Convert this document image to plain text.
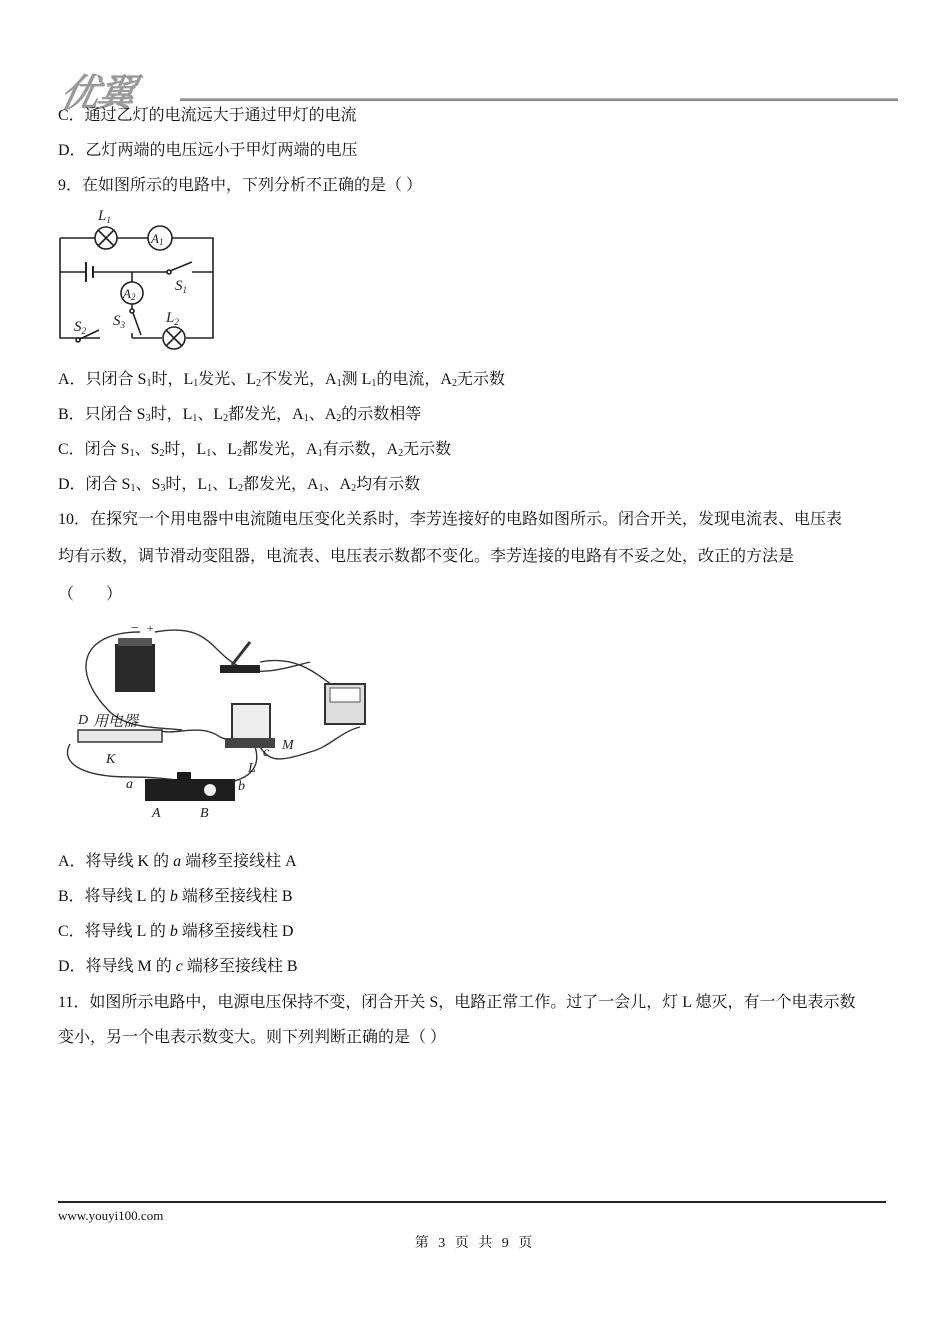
优翼
C．通过乙灯的电流远大于通过甲灯的电流
D．乙灯两端的电压远小于甲灯两端的电压
9．在如图所示的电路中，下列分析不正确的是（ ）
$L_1$
A1
$S_1$
A2
$S_3$	$L_2$
$S_2$
A．只闭合 $S_1$时，$L_1$发光、$L_2$不发光，$A_1$测 $L_1$的电流，$A_2$无示数
B．只闭合 $S_3$时，$L_1$、$L_2$都发光，$A_1$、$A_2$的示数相等
C．闭合 $S_1$、$S_2$时，$L_1$、$L_2$都发光，$A_1$有示数，$A_2$无示数
D．闭合 $S_1$、$S_3$时，$L_1$、$L_2$都发光，$A_1$、$A_2$均有示数
10．在探究一个用电器中电流随电压变化关系时，李芳连接好的电路如图所示。闭合开关，发现电流表、电压表
均有示数，调节滑动变阻器，电流表、电压表示数都不变化。李芳连接的电路有不妥之处，改正的方法是
（　　）
− +
D 用电器
K
a
A	B
b
L
c M
A．将导线 K 的 a 端移至接线柱 A
B．将导线 L 的 b 端移至接线柱 B
C．将导线 L 的 b 端移至接线柱 D
D．将导线 M 的 c 端移至接线柱 B
11．如图所示电路中，电源电压保持不变，闭合开关 S，电路正常工作。过了一会儿，灯 L 熄灭，有一个电表示数
变小，另一个电表示数变大。则下列判断正确的是（ ）
www.youyi100.com
第 3 页 共 9 页
